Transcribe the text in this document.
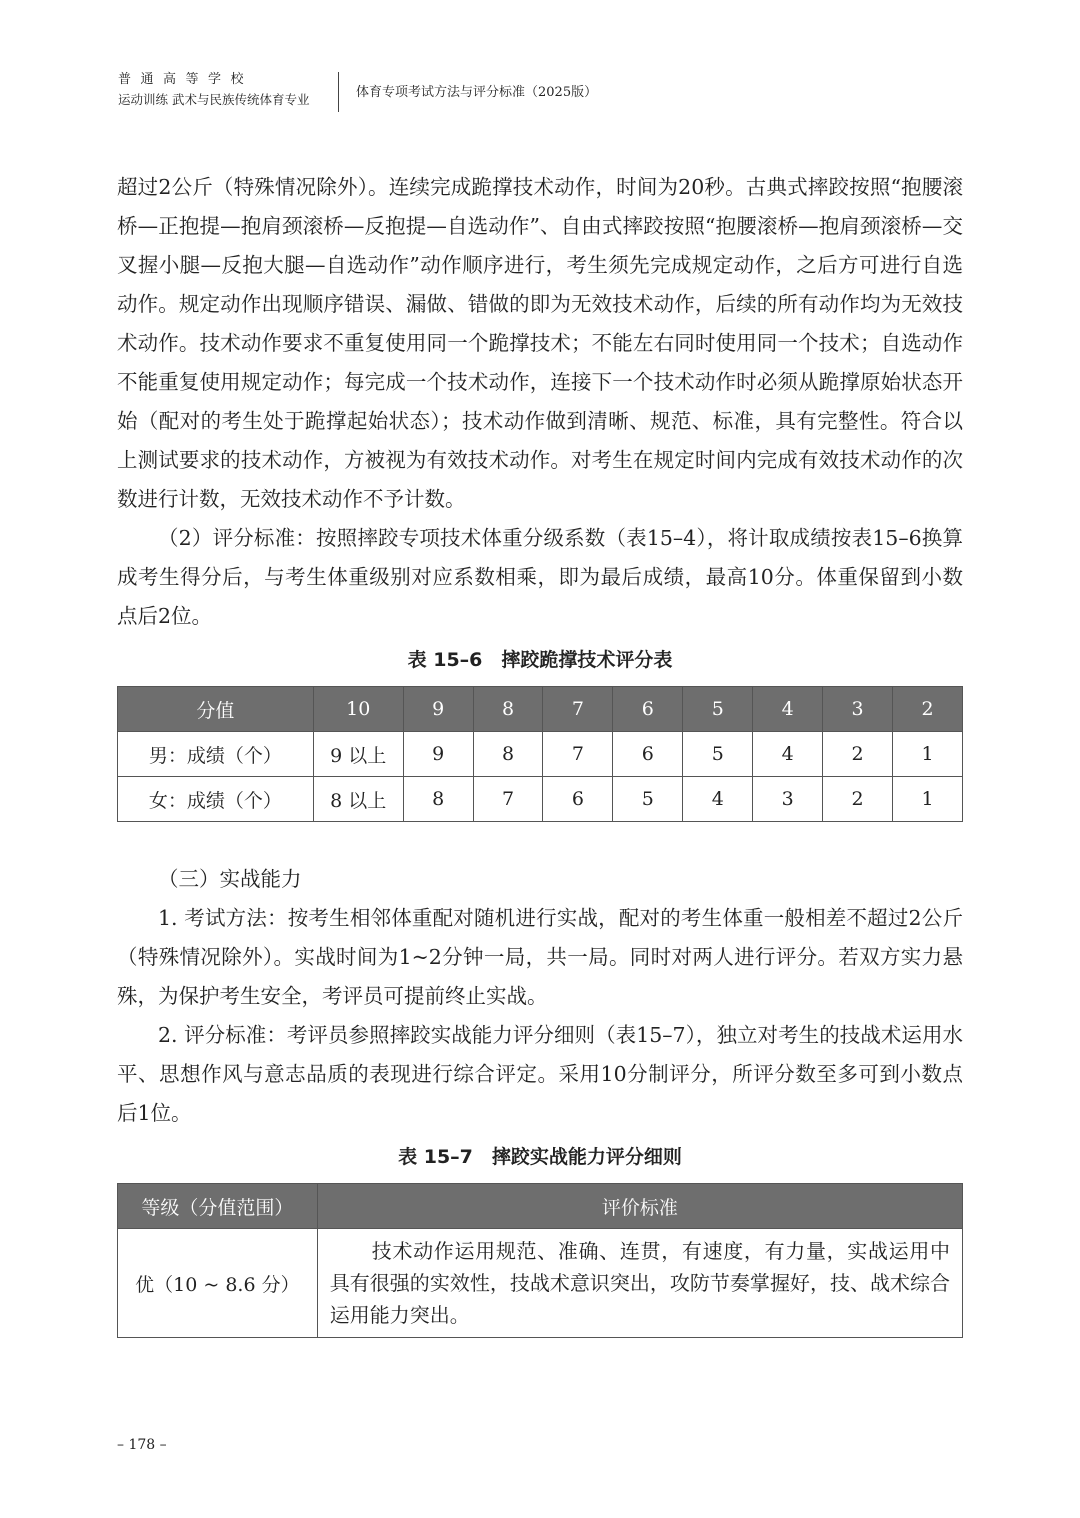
普通高等学校
运动训练 武术与民族传统体育专业	体育专项考试方法与评分标准（2025版）

超过2公斤（特殊情况除外）。连续完成跪撑技术动作，时间为20秒。古典式摔跤按照“抱腰滚桥—正抱提—抱肩颈滚桥—反抱提—自选动作”、自由式摔跤按照“抱腰滚桥—抱肩颈滚桥—交叉握小腿—反抱大腿—自选动作”动作顺序进行，考生须先完成规定动作，之后方可进行自选动作。规定动作出现顺序错误、漏做、错做的即为无效技术动作，后续的所有动作均为无效技术动作。技术动作要求不重复使用同一个跪撑技术；不能左右同时使用同一个技术；自选动作不能重复使用规定动作；每完成一个技术动作，连接下一个技术动作时必须从跪撑原始状态开始（配对的考生处于跪撑起始状态）；技术动作做到清晰、规范、标准，具有完整性。符合以上测试要求的技术动作，方被视为有效技术动作。对考生在规定时间内完成有效技术动作的次数进行计数，无效技术动作不予计数。

（2）评分标准：按照摔跤专项技术体重分级系数（表15–4），将计取成绩按表15–6换算成考生得分后，与考生体重级别对应系数相乘，即为最后成绩，最高10分。体重保留到小数点后2位。

表 15–6　摔跤跪撑技术评分表

分值	10	9	8	7	6	5	4	3	2
男：成绩（个）	9 以上	9	8	7	6	5	4	2	1
女：成绩（个）	8 以上	8	7	6	5	4	3	2	1

（三）实战能力

1. 考试方法：按考生相邻体重配对随机进行实战，配对的考生体重一般相差不超过2公斤（特殊情况除外）。实战时间为1~2分钟一局，共一局。同时对两人进行评分。若双方实力悬殊，为保护考生安全，考评员可提前终止实战。

2. 评分标准：考评员参照摔跤实战能力评分细则（表15–7），独立对考生的技战术运用水平、思想作风与意志品质的表现进行综合评定。采用10分制评分，所评分数至多可到小数点后1位。

表 15–7　摔跤实战能力评分细则

等级（分值范围）	评价标准
优（10 ~ 8.6 分）	技术动作运用规范、准确、连贯，有速度，有力量，实战运用中具有很强的实效性，技战术意识突出，攻防节奏掌握好，技、战术综合运用能力突出。
– 178 –
